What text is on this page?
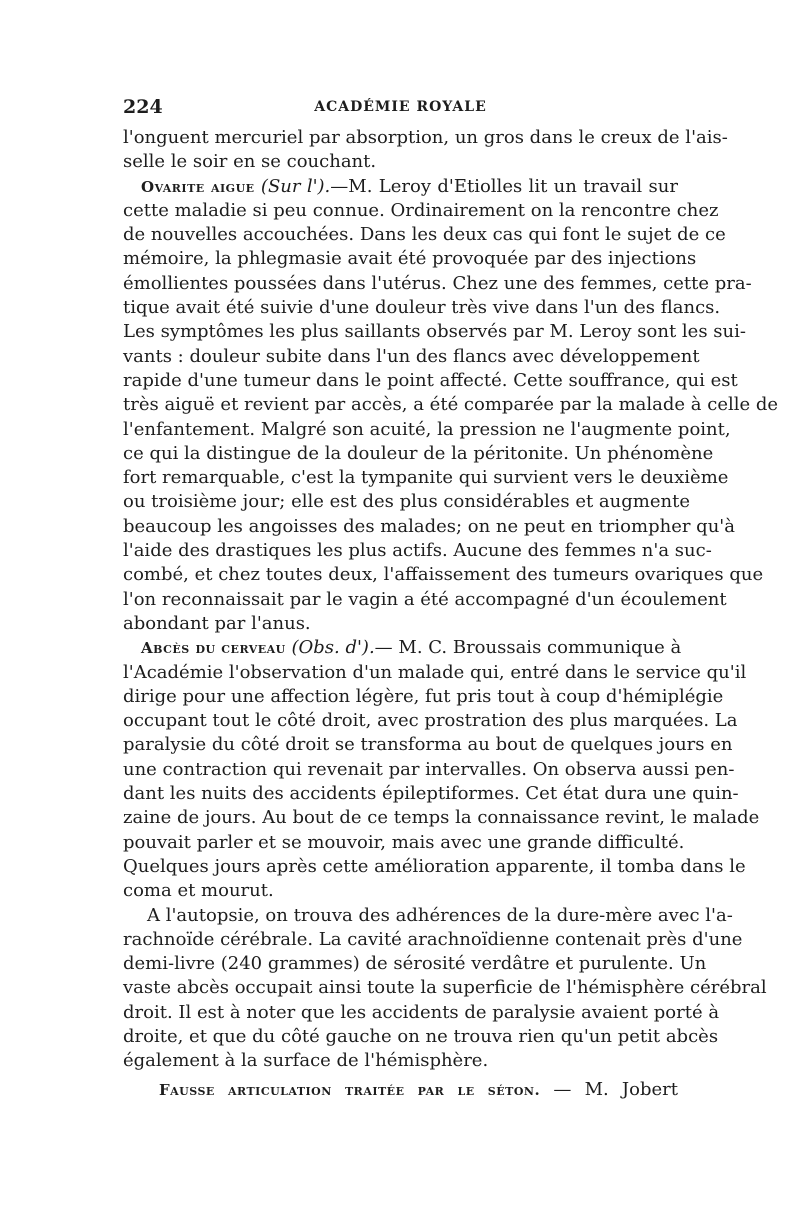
224	ACADÉMIE ROYALE
l'onguent mercuriel par absorption, un gros dans le creux de l'ais-
selle le soir en se couchant.
Ovarite aigue (Sur l').—M. Leroy d'Etiolles lit un travail sur
cette maladie si peu connue. Ordinairement on la rencontre chez
de nouvelles accouchées. Dans les deux cas qui font le sujet de ce
mémoire, la phlegmasie avait été provoquée par des injections
émollientes poussées dans l'utérus. Chez une des femmes, cette pra-
tique avait été suivie d'une douleur très vive dans l'un des flancs.
Les symptômes les plus saillants observés par M. Leroy sont les sui-
vants : douleur subite dans l'un des flancs avec développement
rapide d'une tumeur dans le point affecté. Cette souffrance, qui est
très aiguë et revient par accès, a été comparée par la malade à celle de
l'enfantement. Malgré son acuité, la pression ne l'augmente point,
ce qui la distingue de la douleur de la péritonite. Un phénomène
fort remarquable, c'est la tympanite qui survient vers le deuxième
ou troisième jour; elle est des plus considérables et augmente
beaucoup les angoisses des malades; on ne peut en triompher qu'à
l'aide des drastiques les plus actifs. Aucune des femmes n'a suc-
combé, et chez toutes deux, l'affaissement des tumeurs ovariques que
l'on reconnaissait par le vagin a été accompagné d'un écoulement
abondant par l'anus.
Abcès du cerveau (Obs. d').— M. C. Broussais communique à
l'Académie l'observation d'un malade qui, entré dans le service qu'il
dirige pour une affection légère, fut pris tout à coup d'hémiplégie
occupant tout le côté droit, avec prostration des plus marquées. La
paralysie du côté droit se transforma au bout de quelques jours en
une contraction qui revenait par intervalles. On observa aussi pen-
dant les nuits des accidents épileptiformes. Cet état dura une quin-
zaine de jours. Au bout de ce temps la connaissance revint, le malade
pouvait parler et se mouvoir, mais avec une grande difficulté.
Quelques jours après cette amélioration apparente, il tomba dans le
coma et mourut.
A l'autopsie, on trouva des adhérences de la dure-mère avec l'a-
rachnoïde cérébrale. La cavité arachnoïdienne contenait près d'une
demi-livre (240 grammes) de sérosité verdâtre et purulente. Un
vaste abcès occupait ainsi toute la superficie de l'hémisphère cérébral
droit. Il est à noter que les accidents de paralysie avaient porté à
droite, et que du côté gauche on ne trouva rien qu'un petit abcès
également à la surface de l'hémisphère.
Fausse articulation traitée par le séton. — M. Jobert
